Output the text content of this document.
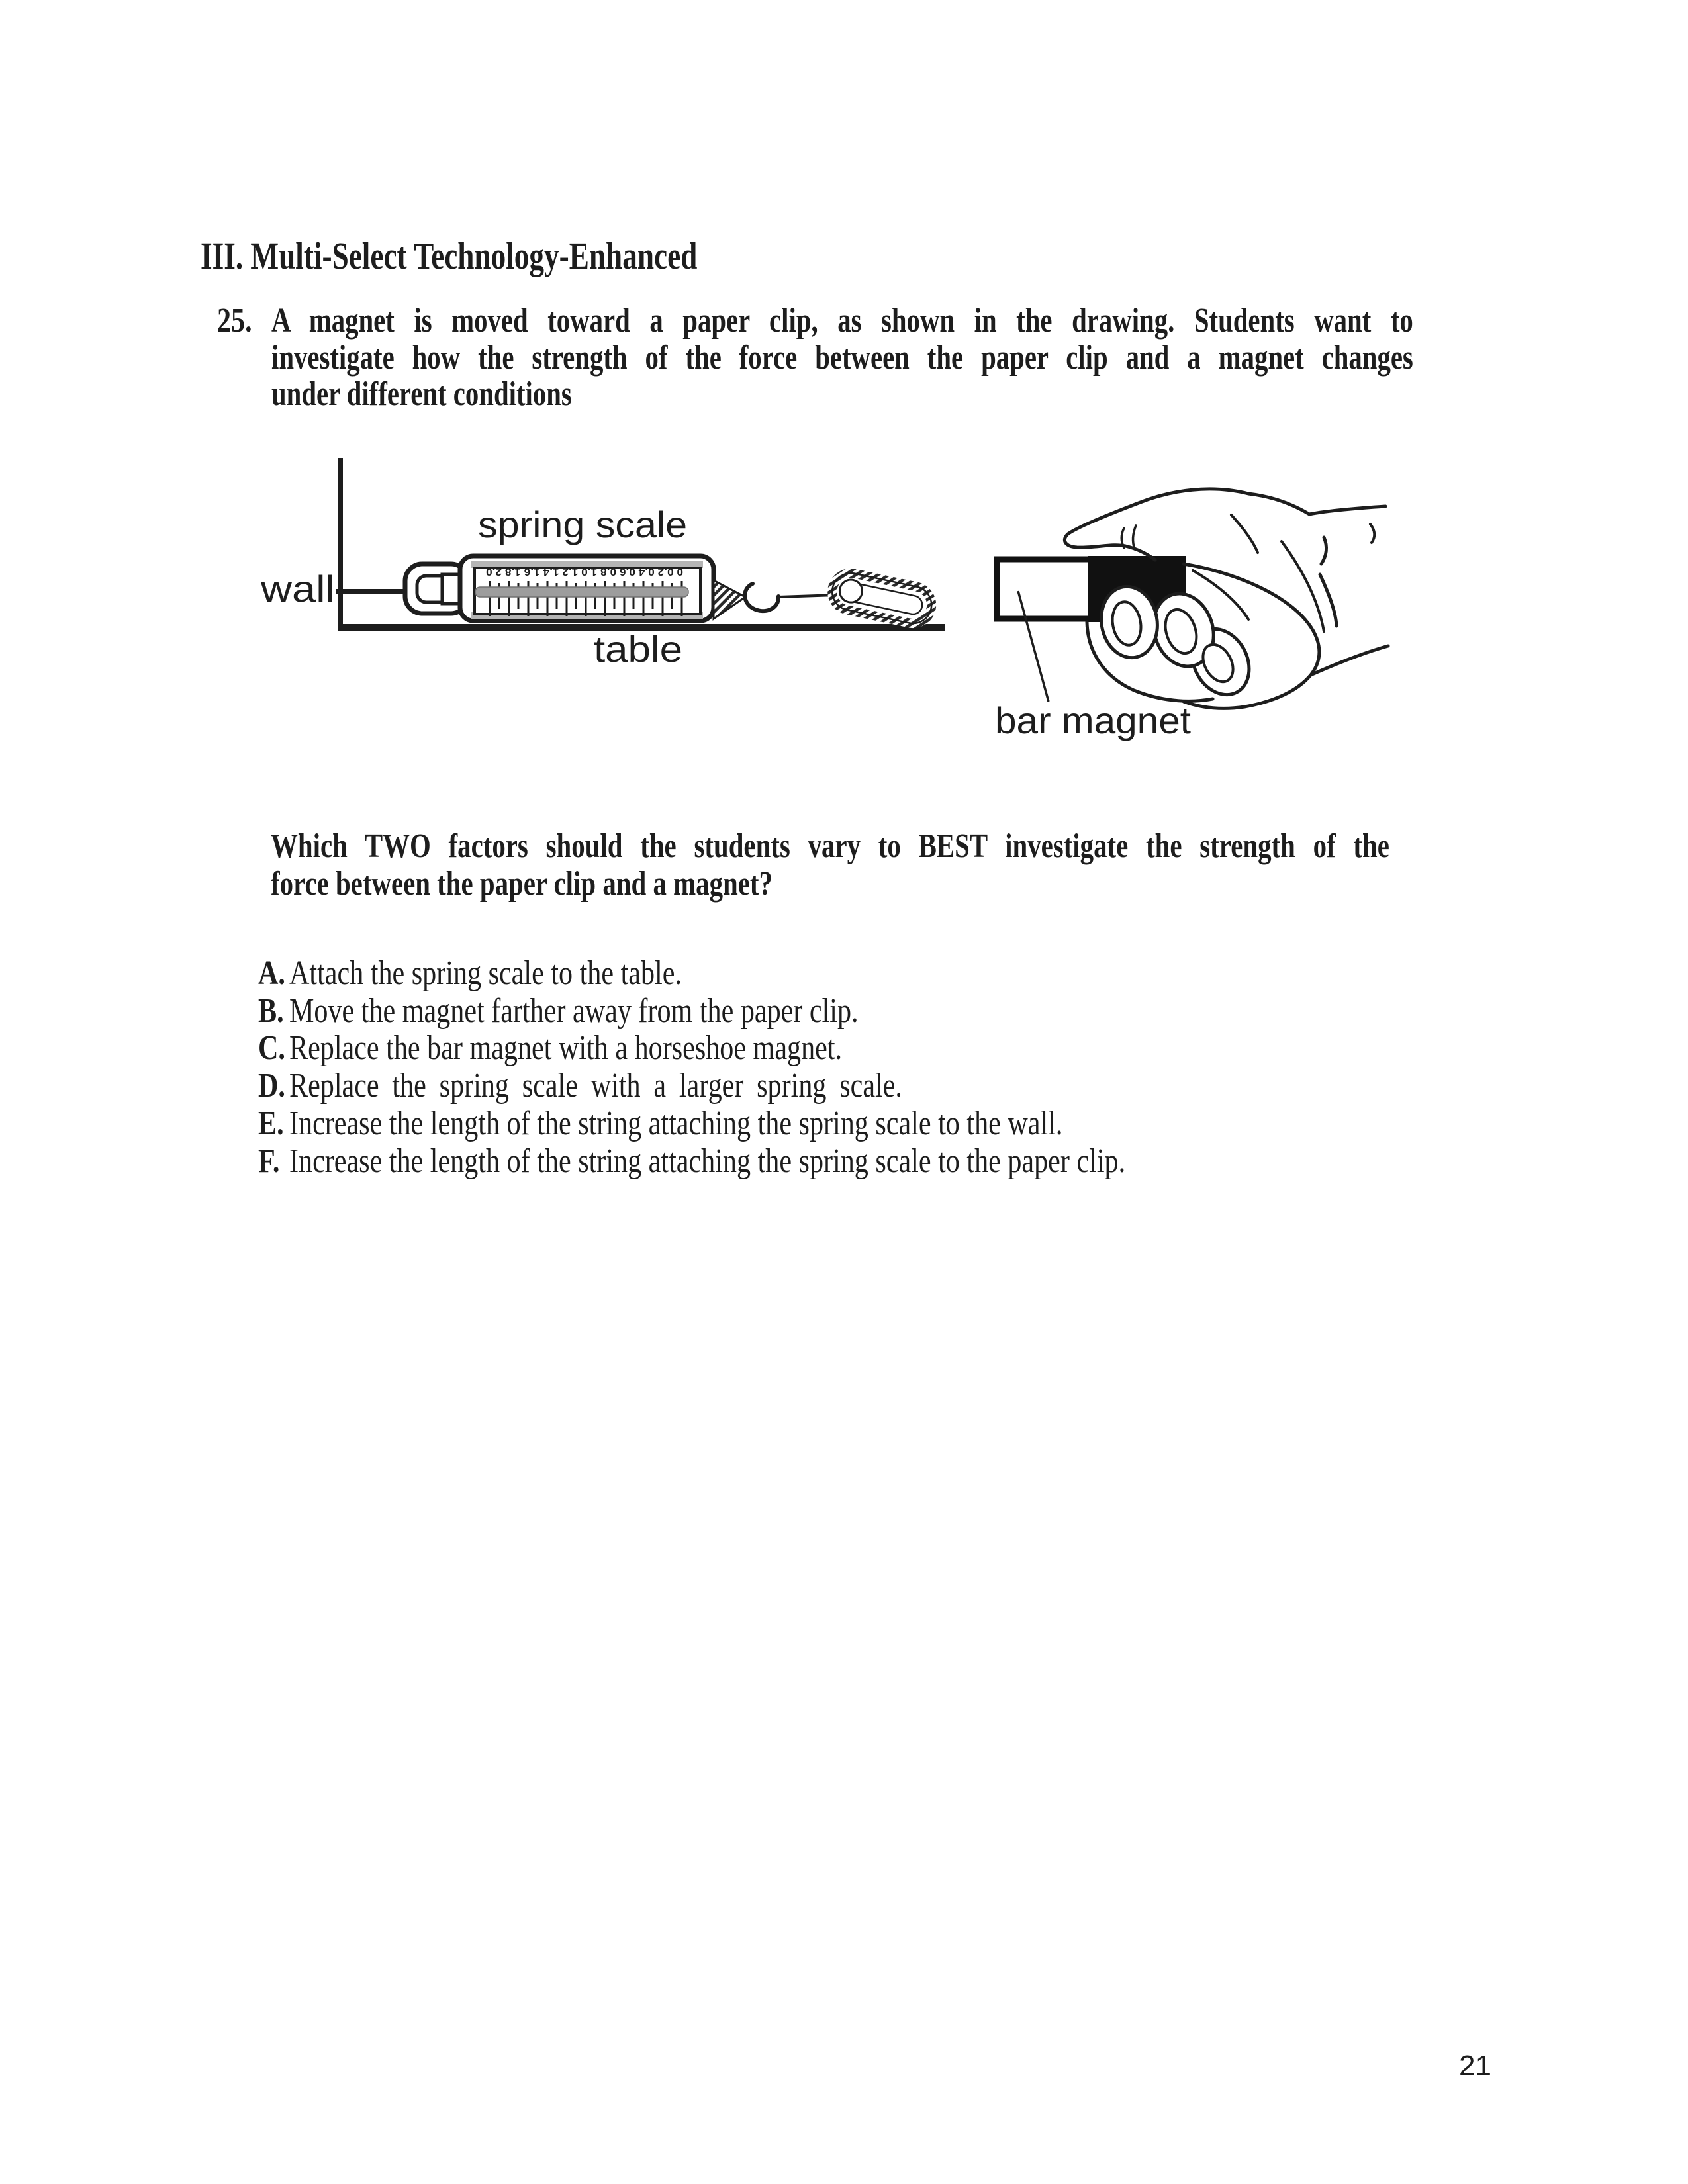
III. Multi-Select Technology-Enhanced
25. A magnet is moved toward a paper clip, as shown in the drawing. Students want to
investigate how the strength of the force between the paper clip and a magnet changes
under different conditions
wall
table
spring scale
0 0.2 0.4 0.6 0.8 1.0 1.2 1.4 1.6 1.8 2.0
bar magnet
Which TWO factors should the students vary to BEST investigate the strength of the
force between the paper clip and a magnet?
A. Attach the spring scale to the table.
B. Move the magnet farther away from the paper clip.
C. Replace the bar magnet with a horseshoe magnet.
D. Replace the spring scale with a larger spring scale.
E. Increase the length of the string attaching the spring scale to the wall.
F. Increase the length of the string attaching the spring scale to the paper clip.
21
